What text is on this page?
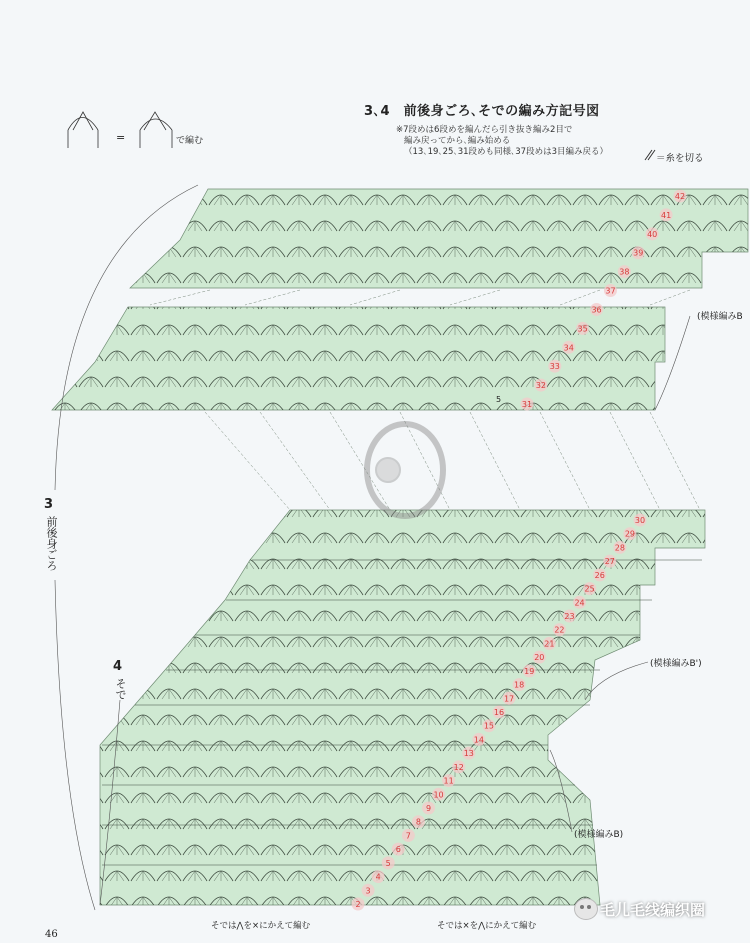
31
32
33
34
35
36
37
38
39
40
41
42
5
2
3
4
5
6
7
8
9
10
11
12
13
14
15
16
17
18
19
20
21
22
23
24
25
26
27
28
29
30
3､4　前後身ごろ､そでの編み方記号図
※7段めは6段めを編んだら引き抜き編み2目で
編み戻ってから､編み始める
（13､19､25､31段めも同様､37段めは3目編み戻る）
=	で編む
＝糸を切る
(模様編みB
(模様編みB')
(模様編みB)
3
前後身ごろ
4
そで
そでは⋀を×にかえて編む	そでは×を⋀にかえて編む
46
毛儿毛线编织圈
